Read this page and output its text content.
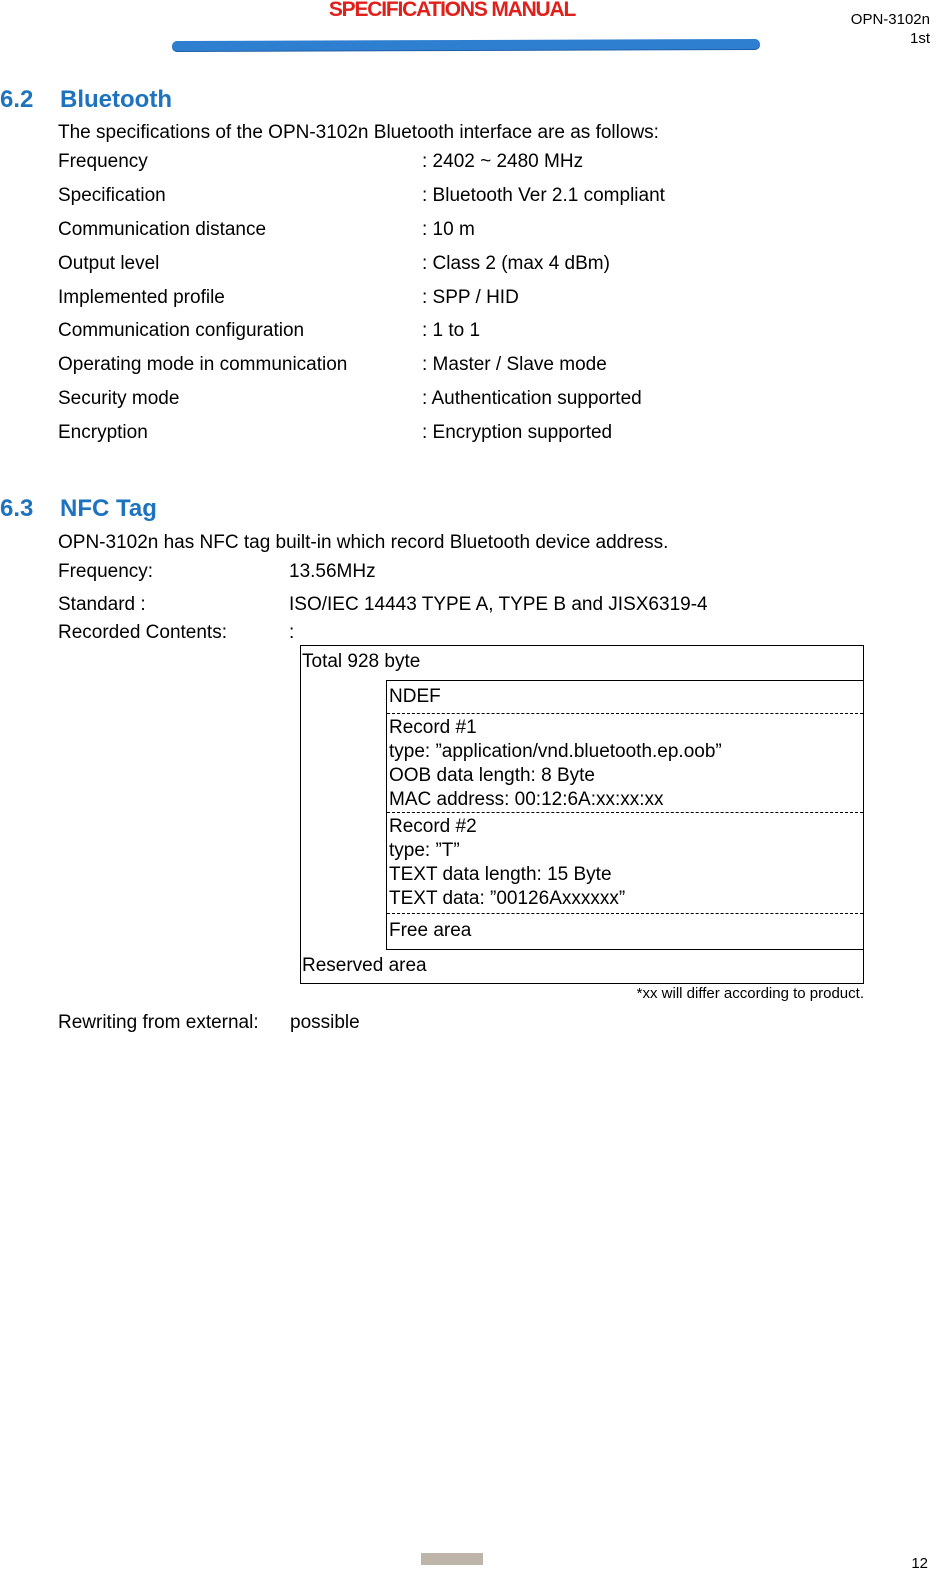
SPECIFICATIONS MANUAL	OPN-3102n
1st
6.2 Bluetooth
The specifications of the OPN-3102n Bluetooth interface are as follows:
Frequency	: 2402 ~ 2480 MHz
Specification	: Bluetooth Ver 2.1 compliant
Communication distance	: 10 m
Output level	: Class 2 (max 4 dBm)
Implemented profile	: SPP / HID
Communication configuration	: 1 to 1
Operating mode in communication	: Master / Slave mode
Security mode	: Authentication supported
Encryption	: Encryption supported
6.3 NFC Tag
OPN-3102n has NFC tag built-in which record Bluetooth device address.
Frequency:	13.56MHz
Standard :	ISO/IEC 14443 TYPE A, TYPE B and JISX6319-4
Recorded Contents:	:
Total 928 byte
NDEF
Record #1
type: ”application/vnd.bluetooth.ep.oob”
OOB data length: 8 Byte
MAC address: 00:12:6A:xx:xx:xx
Record #2
type: ”T”
TEXT data length: 15 Byte
TEXT data: ”00126Axxxxxx”
Free area
Reserved area
*xx will differ according to product.
Rewriting from external: possible
12
